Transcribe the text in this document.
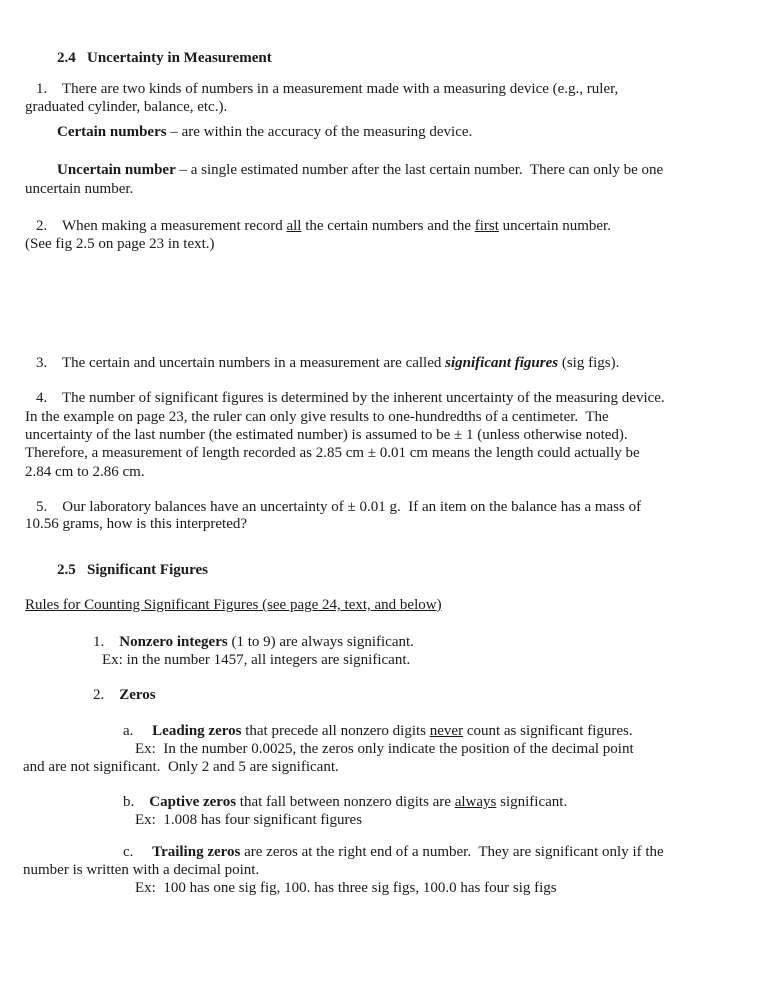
2.4   Uncertainty in Measurement
1.    There are two kinds of numbers in a measurement made with a measuring device (e.g., ruler,
graduated cylinder, balance, etc.).
Certain numbers – are within the accuracy of the measuring device.
Uncertain number – a single estimated number after the last certain number.  There can only be one
uncertain number.
2.    When making a measurement record all the certain numbers and the first uncertain number.
(See fig 2.5 on page 23 in text.)
3.    The certain and uncertain numbers in a measurement are called significant figures (sig figs).
4.    The number of significant figures is determined by the inherent uncertainty of the measuring device.
In the example on page 23, the ruler can only give results to one-hundredths of a centimeter.  The
uncertainty of the last number (the estimated number) is assumed to be ± 1 (unless otherwise noted).
Therefore, a measurement of length recorded as 2.85 cm ± 0.01 cm means the length could actually be
2.84 cm to 2.86 cm.
5.    Our laboratory balances have an uncertainty of ± 0.01 g.  If an item on the balance has a mass of
10.56 grams, how is this interpreted?
2.5   Significant Figures
Rules for Counting Significant Figures (see page 24, text, and below)
1.    Nonzero integers (1 to 9) are always significant.
Ex: in the number 1457, all integers are significant.
2.    Zeros
a.     Leading zeros that precede all nonzero digits never count as significant figures.
Ex:  In the number 0.0025, the zeros only indicate the position of the decimal point
and are not significant.  Only 2 and 5 are significant.
b.    Captive zeros that fall between nonzero digits are always significant.
Ex:  1.008 has four significant figures
c.     Trailing zeros are zeros at the right end of a number.  They are significant only if the
number is written with a decimal point.
Ex:  100 has one sig fig, 100. has three sig figs, 100.0 has four sig figs
